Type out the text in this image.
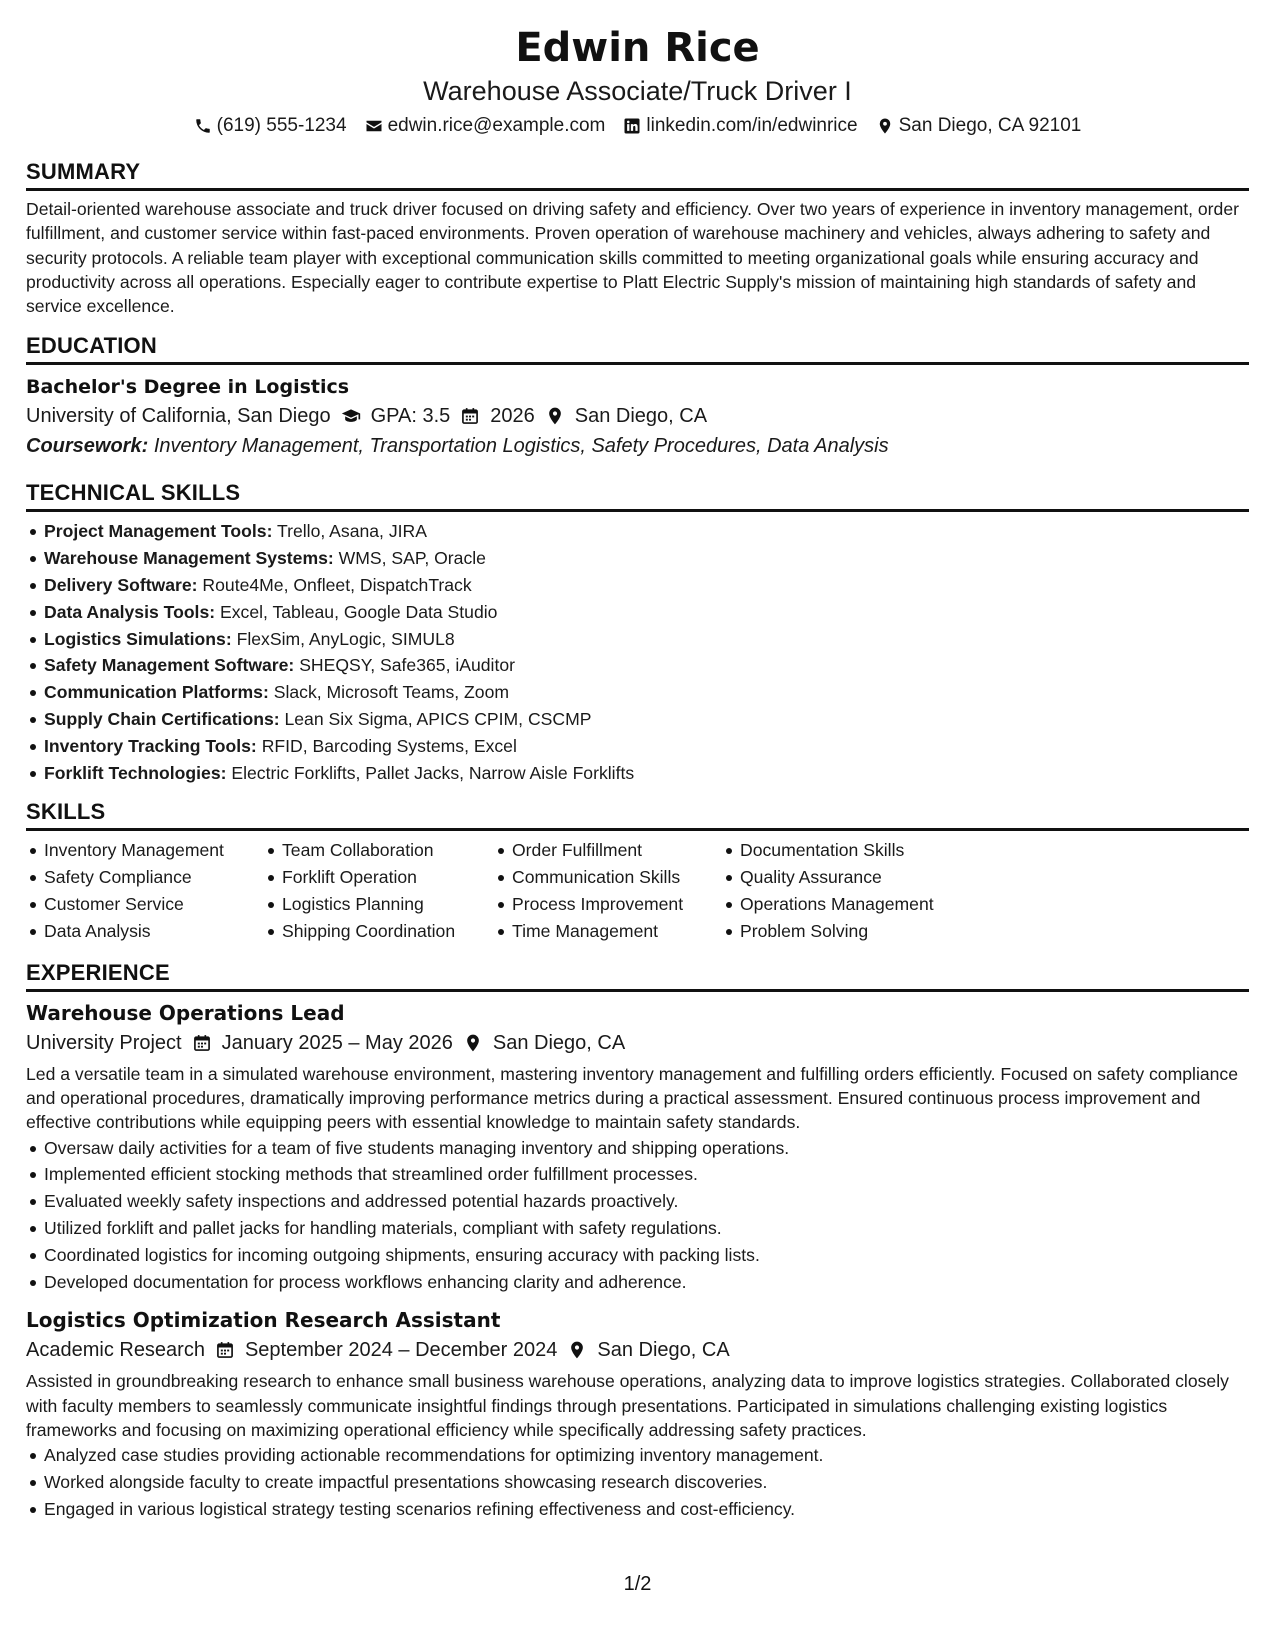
Edwin Rice
Warehouse Associate/Truck Driver I
(619) 555-1234 edwin.rice@example.com linkedin.com/in/edwinrice San Diego, CA 92101
SUMMARY

Detail-oriented warehouse associate and truck driver focused on driving safety and efficiency. Over two years of experience in inventory management, order fulfillment, and customer service within fast-paced environments. Proven operation of warehouse machinery and vehicles, always adhering to safety and security protocols. A reliable team player with exceptional communication skills committed to meeting organizational goals while ensuring accuracy and productivity across all operations. Especially eager to contribute expertise to Platt Electric Supply's mission of maintaining high standards of safety and service excellence.

EDUCATION
Bachelor's Degree in Logistics
University of California, San Diego GPA: 3.5 2026 San Diego, CA
Coursework: Inventory Management, Transportation Logistics, Safety Procedures, Data Analysis
TECHNICAL SKILLS
Project Management Tools: Trello, Asana, JIRA
Warehouse Management Systems: WMS, SAP, Oracle
Delivery Software: Route4Me, Onfleet, DispatchTrack
Data Analysis Tools: Excel, Tableau, Google Data Studio
Logistics Simulations: FlexSim, AnyLogic, SIMUL8
Safety Management Software: SHEQSY, Safe365, iAuditor
Communication Platforms: Slack, Microsoft Teams, Zoom
Supply Chain Certifications: Lean Six Sigma, APICS CPIM, CSCMP
Inventory Tracking Tools: RFID, Barcoding Systems, Excel
Forklift Technologies: Electric Forklifts, Pallet Jacks, Narrow Aisle Forklifts
SKILLS
Inventory Management
Safety Compliance
Customer Service
Data Analysis
Team Collaboration
Forklift Operation
Logistics Planning
Shipping Coordination
Order Fulfillment
Communication Skills
Process Improvement
Time Management
Documentation Skills
Quality Assurance
Operations Management
Problem Solving
EXPERIENCE
Warehouse Operations Lead
University Project January 2025 – May 2026 San Diego, CA

Led a versatile team in a simulated warehouse environment, mastering inventory management and fulfilling orders efficiently. Focused on safety compliance and operational procedures, dramatically improving performance metrics during a practical assessment. Ensured continuous process improvement and effective contributions while equipping peers with essential knowledge to maintain safety standards.

Oversaw daily activities for a team of five students managing inventory and shipping operations.
Implemented efficient stocking methods that streamlined order fulfillment processes.
Evaluated weekly safety inspections and addressed potential hazards proactively.
Utilized forklift and pallet jacks for handling materials, compliant with safety regulations.
Coordinated logistics for incoming outgoing shipments, ensuring accuracy with packing lists.
Developed documentation for process workflows enhancing clarity and adherence.
Logistics Optimization Research Assistant
Academic Research September 2024 – December 2024 San Diego, CA

Assisted in groundbreaking research to enhance small business warehouse operations, analyzing data to improve logistics strategies. Collaborated closely with faculty members to seamlessly communicate insightful findings through presentations. Participated in simulations challenging existing logistics frameworks and focusing on maximizing operational efficiency while specifically addressing safety practices.

Analyzed case studies providing actionable recommendations for optimizing inventory management.
Worked alongside faculty to create impactful presentations showcasing research discoveries.
Engaged in various logistical strategy testing scenarios refining effectiveness and cost-efficiency.
1/2
